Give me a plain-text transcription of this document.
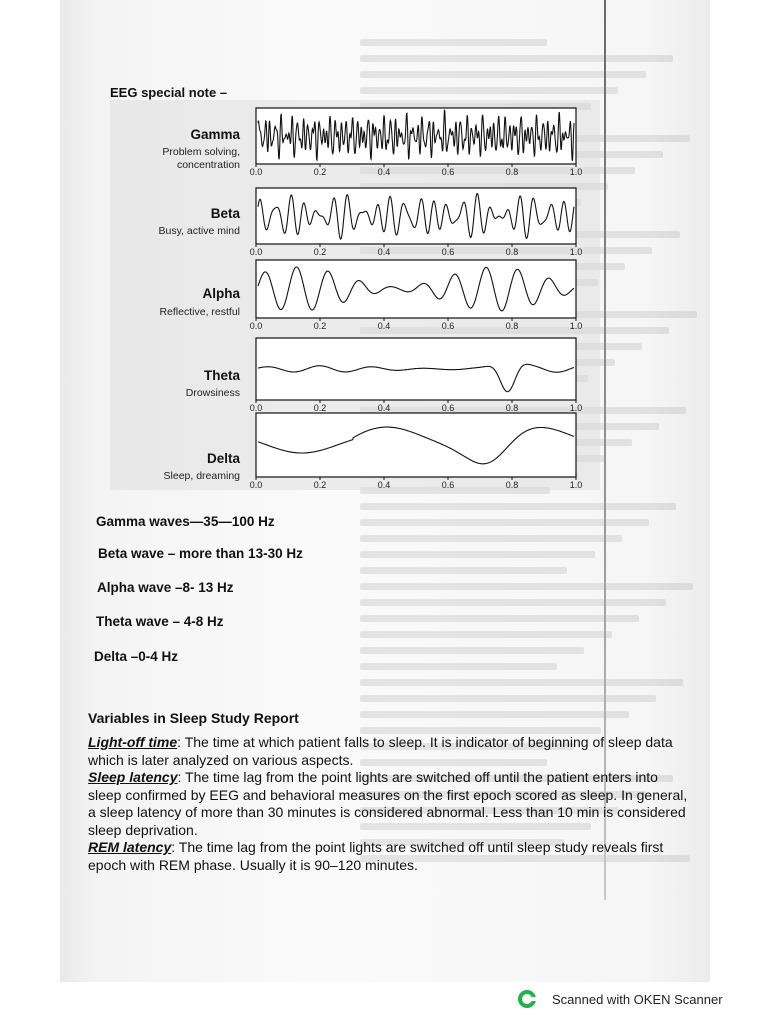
EEG special note –
0.0	0.2	0.4	0.6	0.8	1.0
0.0	0.2	0.4	0.6	0.8	1.0
0.0	0.2	0.4	0.6	0.8	1.0
0.0	0.2	0.4	0.6	0.8	1.0
0.0	0.2	0.4	0.6	0.8	1.0
Gamma
Problem solving,
concentration
Beta
Busy, active mind
Alpha
Reflective, restful
Theta
Drowsiness
Delta
Sleep, dreaming
Gamma waves—35—100 Hz
Beta wave – more than 13-30 Hz
Alpha wave –8- 13 Hz
Theta wave – 4-8 Hz
Delta –0-4 Hz
Variables in Sleep Study Report
Light-off time: The time at which patient falls to sleep. It is indicator of beginning of sleep data which is later analyzed on various aspects.
Sleep latency: The time lag from the point lights are switched off until the patient enters into sleep confirmed by EEG and behavioral measures on the first epoch scored as sleep. In general, a sleep latency of more than 30 minutes is considered abnormal. Less than 10 min is considered sleep deprivation.
REM latency: The time lag from the point lights are switched off until sleep study reveals first epoch with REM phase. Usually it is 90–120 minutes.
Scanned with OKEN Scanner
